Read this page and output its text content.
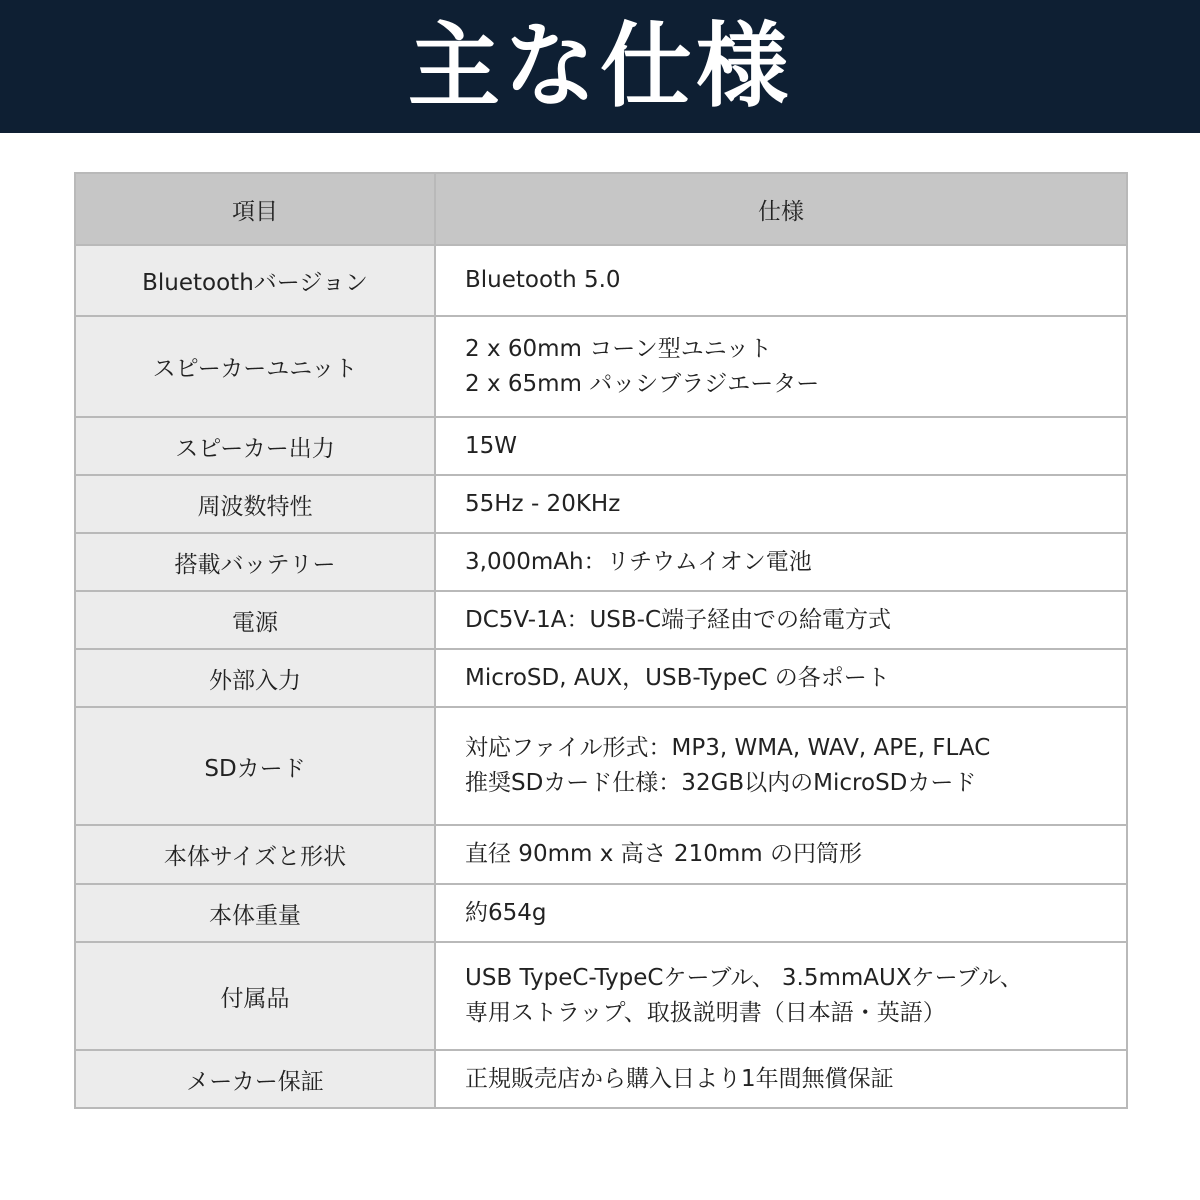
主な仕様
項目	仕様
Bluetoothバージョン	Bluetooth 5.0

スピーカーユニット	2 x 60mm コーン型ユニット
2 x 65mm パッシブラジエーター

スピーカー出力	15W

周波数特性	55Hz - 20KHz

搭載バッテリー	3,000mAh：リチウムイオン電池

電源	DC5V-1A：USB-C端子経由での給電方式

外部入力	MicroSD, AUX，USB-TypeC の各ポート

SDカード	対応ファイル形式：MP3, WMA, WAV, APE, FLAC
推奨SDカード仕様：32GB以内のMicroSDカード

本体サイズと形状	直径 90mm x 高さ 210mm の円筒形

本体重量	約654g

付属品	USB TypeC-TypeCケーブル、 3.5mmAUXケーブル、
専用ストラップ、取扱説明書（日本語・英語）

メーカー保証	正規販売店から購入日より1年間無償保証
